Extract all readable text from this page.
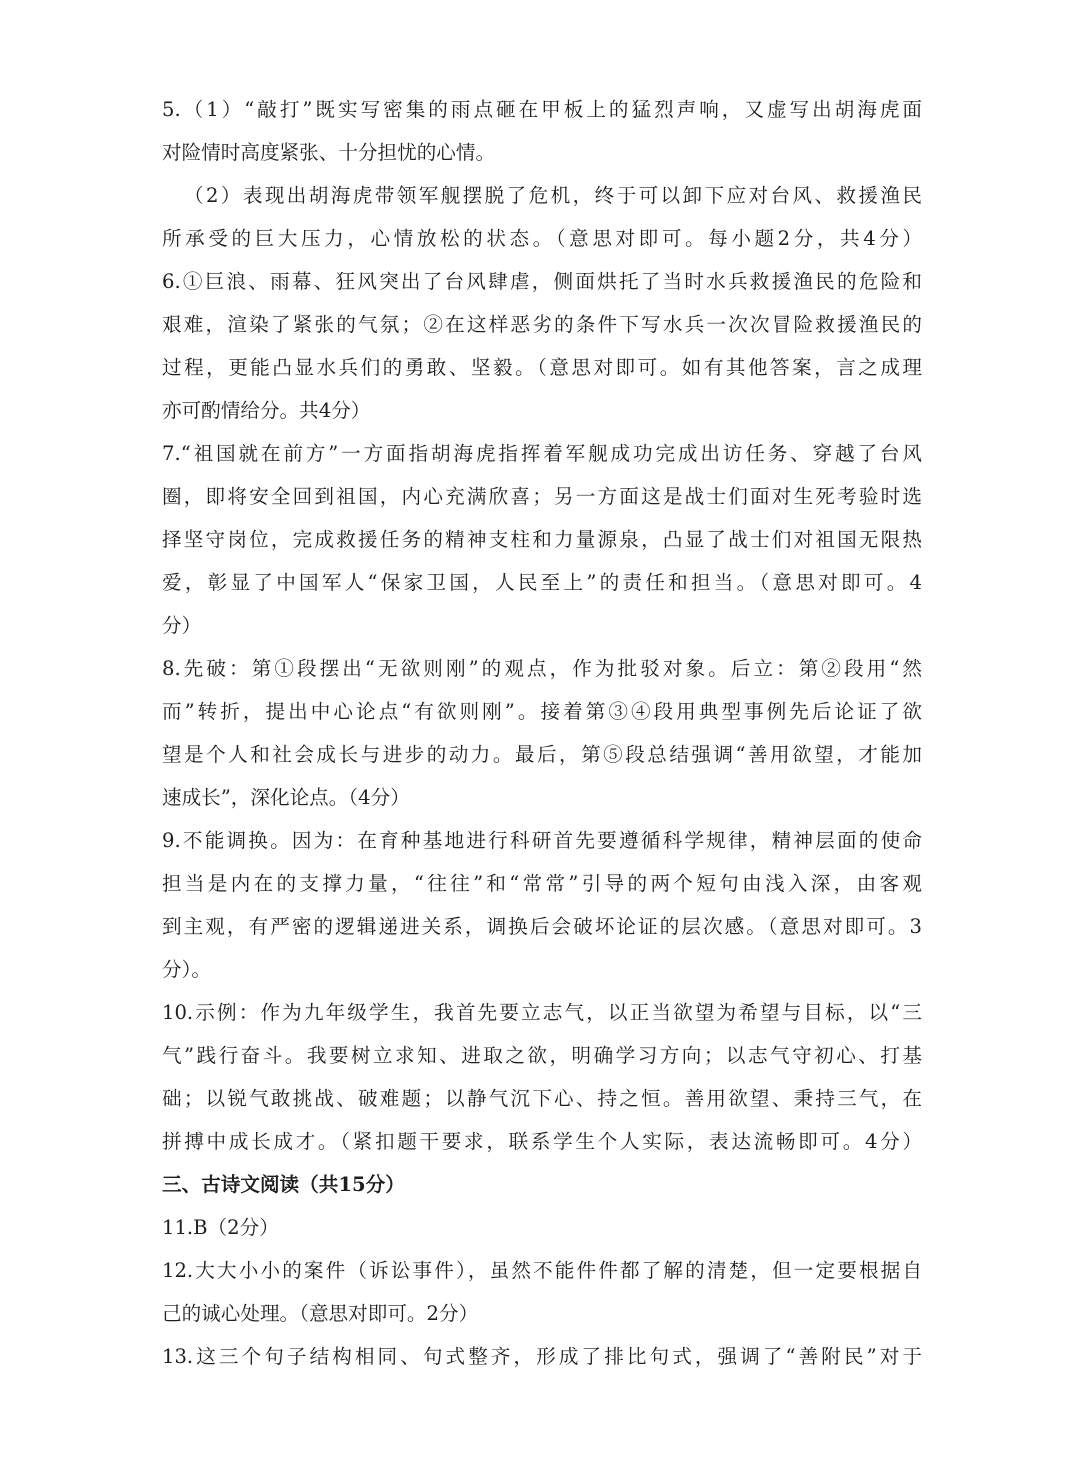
5.（1）“敲打”既实写密集的雨点砸在甲板上的猛烈声响，又虚写出胡海虎面
对险情时高度紧张、十分担忧的心情。
（2）表现出胡海虎带领军舰摆脱了危机，终于可以卸下应对台风、救援渔民
所承受的巨大压力，心情放松的状态。（意思对即可。每小题2分，共4分）
6.①巨浪、雨幕、狂风突出了台风肆虐，侧面烘托了当时水兵救援渔民的危险和
艰难，渲染了紧张的气氛；②在这样恶劣的条件下写水兵一次次冒险救援渔民的
过程，更能凸显水兵们的勇敢、坚毅。（意思对即可。如有其他答案，言之成理
亦可酌情给分。共4分）
7.“祖国就在前方”一方面指胡海虎指挥着军舰成功完成出访任务、穿越了台风
圈，即将安全回到祖国，内心充满欣喜；另一方面这是战士们面对生死考验时选
择坚守岗位，完成救援任务的精神支柱和力量源泉，凸显了战士们对祖国无限热
爱，彰显了中国军人“保家卫国，人民至上”的责任和担当。（意思对即可。4
分）
8.先破：第①段摆出“无欲则刚”的观点，作为批驳对象。后立：第②段用“然
而”转折，提出中心论点“有欲则刚”。接着第③④段用典型事例先后论证了欲
望是个人和社会成长与进步的动力。最后，第⑤段总结强调“善用欲望，才能加
速成长”，深化论点。（4分）
9.不能调换。因为：在育种基地进行科研首先要遵循科学规律，精神层面的使命
担当是内在的支撑力量，“往往”和“常常”引导的两个短句由浅入深，由客观
到主观，有严密的逻辑递进关系，调换后会破坏论证的层次感。（意思对即可。3
分）。
10.示例：作为九年级学生，我首先要立志气，以正当欲望为希望与目标，以“三
气”践行奋斗。我要树立求知、进取之欲，明确学习方向；以志气守初心、打基
础；以锐气敢挑战、破难题；以静气沉下心、持之恒。善用欲望、秉持三气，在
拼搏中成长成才。（紧扣题干要求，联系学生个人实际，表达流畅即可。4分）
三、古诗文阅读（共15分）
11.B（2分）
12.大大小小的案件（诉讼事件），虽然不能件件都了解的清楚，但一定要根据自
己的诚心处理。（意思对即可。2分）
13.这三个句子结构相同、句式整齐，形成了排比句式，强调了“善附民”对于
